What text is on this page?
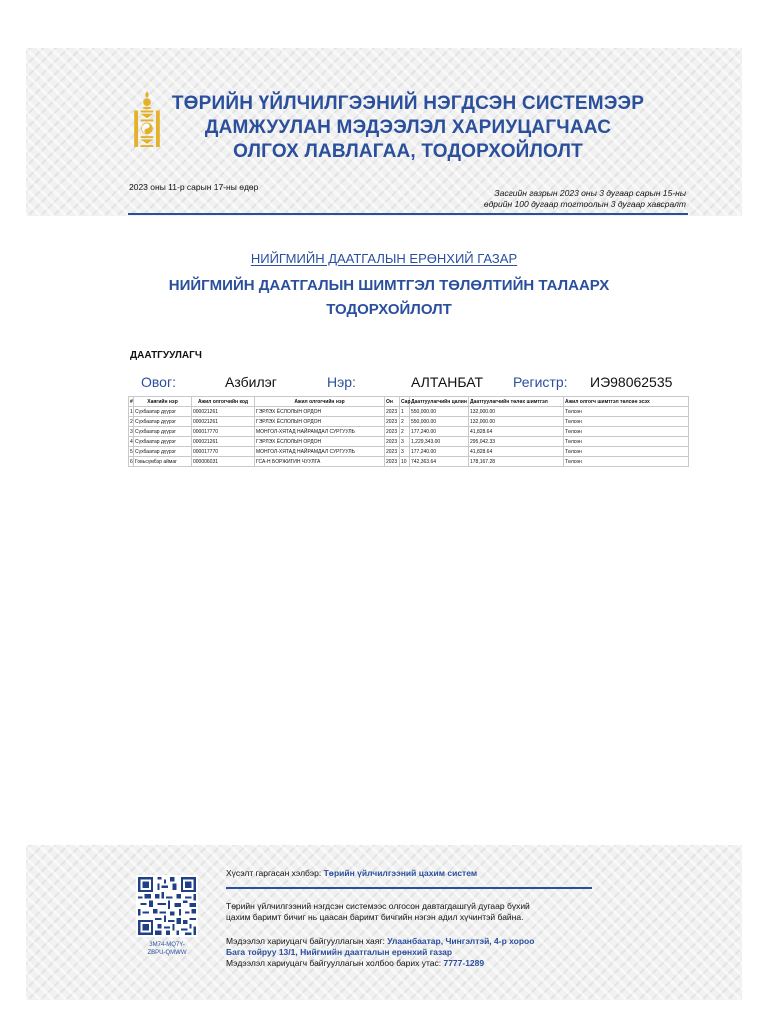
ТӨРИЙН ҮЙЛЧИЛГЭЭНИЙ НЭГДСЭН СИСТЕМЭЭР
ДАМЖУУЛАН МЭДЭЭЛЭЛ ХАРИУЦАГЧААС
ОЛГОХ ЛАВЛАГАА, ТОДОРХОЙЛОЛТ
2023 оны 11-р сарын 17-ны өдөр
Засгийн газрын 2023 оны 3 дугаар сарын 15-ны
өдрийн 100 дугаар тогтоолын 3 дугаар хавсралт
НИЙГМИЙН ДААТГАЛЫН ЕРӨНХИЙ ГАЗАР
НИЙГМИЙН ДААТГАЛЫН ШИМТГЭЛ ТӨЛӨЛТИЙН ТАЛААРХ
ТОДОРХОЙЛОЛТ
ДААТГУУЛАГЧ
Овог:	Азбилэг	Нэр:	АЛТАНБАТ Регистр: ИЭ98062535
#	Хаягийн нэр	Ажил олгогчийн код	Ажил олгогчийн нэр	Он	Сар	Даатгуулагчийн цалин	Даатгуулагчийн төлөх шимтгэл	Ажил олгогч шимтгэл төлсөн эсэх
1	Сүхбаатар дүүрэг	000021261	ГЭРЛЭХ ЁСЛОЛЫН ОРДОН	2023	1	550,000.00	132,000.00	Төлсөн
2	Сүхбаатар дүүрэг	000021261	ГЭРЛЭХ ЁСЛОЛЫН ОРДОН	2023	2	550,000.00	132,000.00	Төлсөн
3	Сүхбаатар дүүрэг	000017770	МОНГОЛ-ХЯТАД НАЙРАМДАЛ СУРГУУЛЬ	2023	2	177,240.00	41,828.64	Төлсөн
4	Сүхбаатар дүүрэг	000021261	ГЭРЛЭХ ЁСЛОЛЫН ОРДОН	2023	3	1,229,343.00	295,042.33	Төлсөн
5	Сүхбаатар дүүрэг	000017770	МОНГОЛ-ХЯТАД НАЙРАМДАЛ СУРГУУЛЬ	2023	3	177,240.00	41,828.64	Төлсөн
6	Говьсүмбэр аймаг	000006031	ГСА-Н БОРЖИГИН ЧУУЛГА	2023	10	742,363.64	178,167.28	Төлсөн
3M74-MQ7Y-
ZBPU-QMWW
Хүсэлт гаргасан хэлбэр: Төрийн үйлчилгээний цахим систем
Төрийн үйлчилгээний нэгдсэн системээс олгосон давтагдашгүй дугаар бүхий
цахим баримт бичиг нь цаасан баримт бичгийн нэгэн адил хүчинтэй байна.
Мэдээлэл хариуцагч байгууллагын хаяг: Улаанбаатар, Чингэлтэй, 4-р хороо
Бага тойруу 13/1, Нийгмийн даатгалын ерөнхий газар
Мэдээлэл хариуцагч байгууллагын холбоо барих утас: 7777-1289
